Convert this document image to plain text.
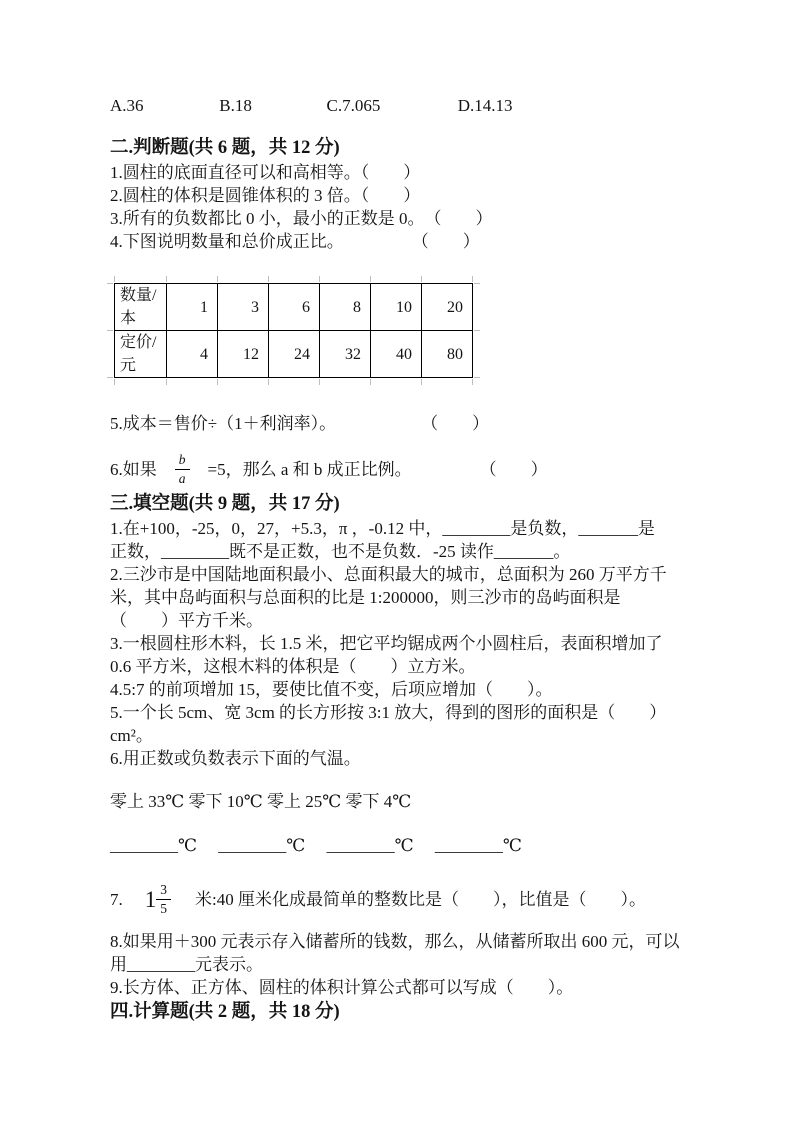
A.36	B.18	C.7.065	D.14.13
二.判断题(共 6 题，共 12 分)
1.圆柱的底面直径可以和高相等。（　　）
2.圆柱的体积是圆锥体积的 3 倍。（　　）
3.所有的负数都比 0 小，最小的正数是 0。　（　　）
4.下图说明数量和总价成正比。　　　　　（　　）
数量/本	1	3	6	8	10	20
定价/元	4	12	24	32	40	80
5.成本＝售价÷（1＋利润率）。　　　　　　（　　）
6.如果 $\frac{b}{a} =5$，那么 a 和 b 成正比例。　　　　　（　　）
三.填空题(共 9 题，共 17 分)
1.在+100，-25，0，27，+5.3，π ，-0.12 中，________是负数，_______是
正数，________既不是正数，也不是负数．-25 读作_______。
2.三沙市是中国陆地面积最小、总面积最大的城市，总面积为 260 万平方千
米，其中岛屿面积与总面积的比是 1:200000，则三沙市的岛屿面积是
（　　）平方千米。
3.一根圆柱形木料，长 1.5 米，把它平均锯成两个小圆柱后，表面积增加了
0.6 平方米，这根木料的体积是（　　）立方米。
4.5:7 的前项增加 15，要使比值不变，后项应增加（　　）。
5.一个长 5cm、宽 3cm 的长方形按 3:1 放大，得到的图形的面积是（　　）
cm²。
6.用正数或负数表示下面的气温。
零上 33℃ 零下 10℃ 零上 25℃ 零下 4℃
________℃ ________℃ ________℃ ________℃
7. $1 \frac{3}{5}$ 米:40 厘米化成最简单的整数比是（　　），比值是（　　）。
8.如果用＋300 元表示存入储蓄所的钱数，那么，从储蓄所取出 600 元，可以
用________元表示。
9.长方体、正方体、圆柱的体积计算公式都可以写成（　　）。
四.计算题(共 2 题，共 18 分)
